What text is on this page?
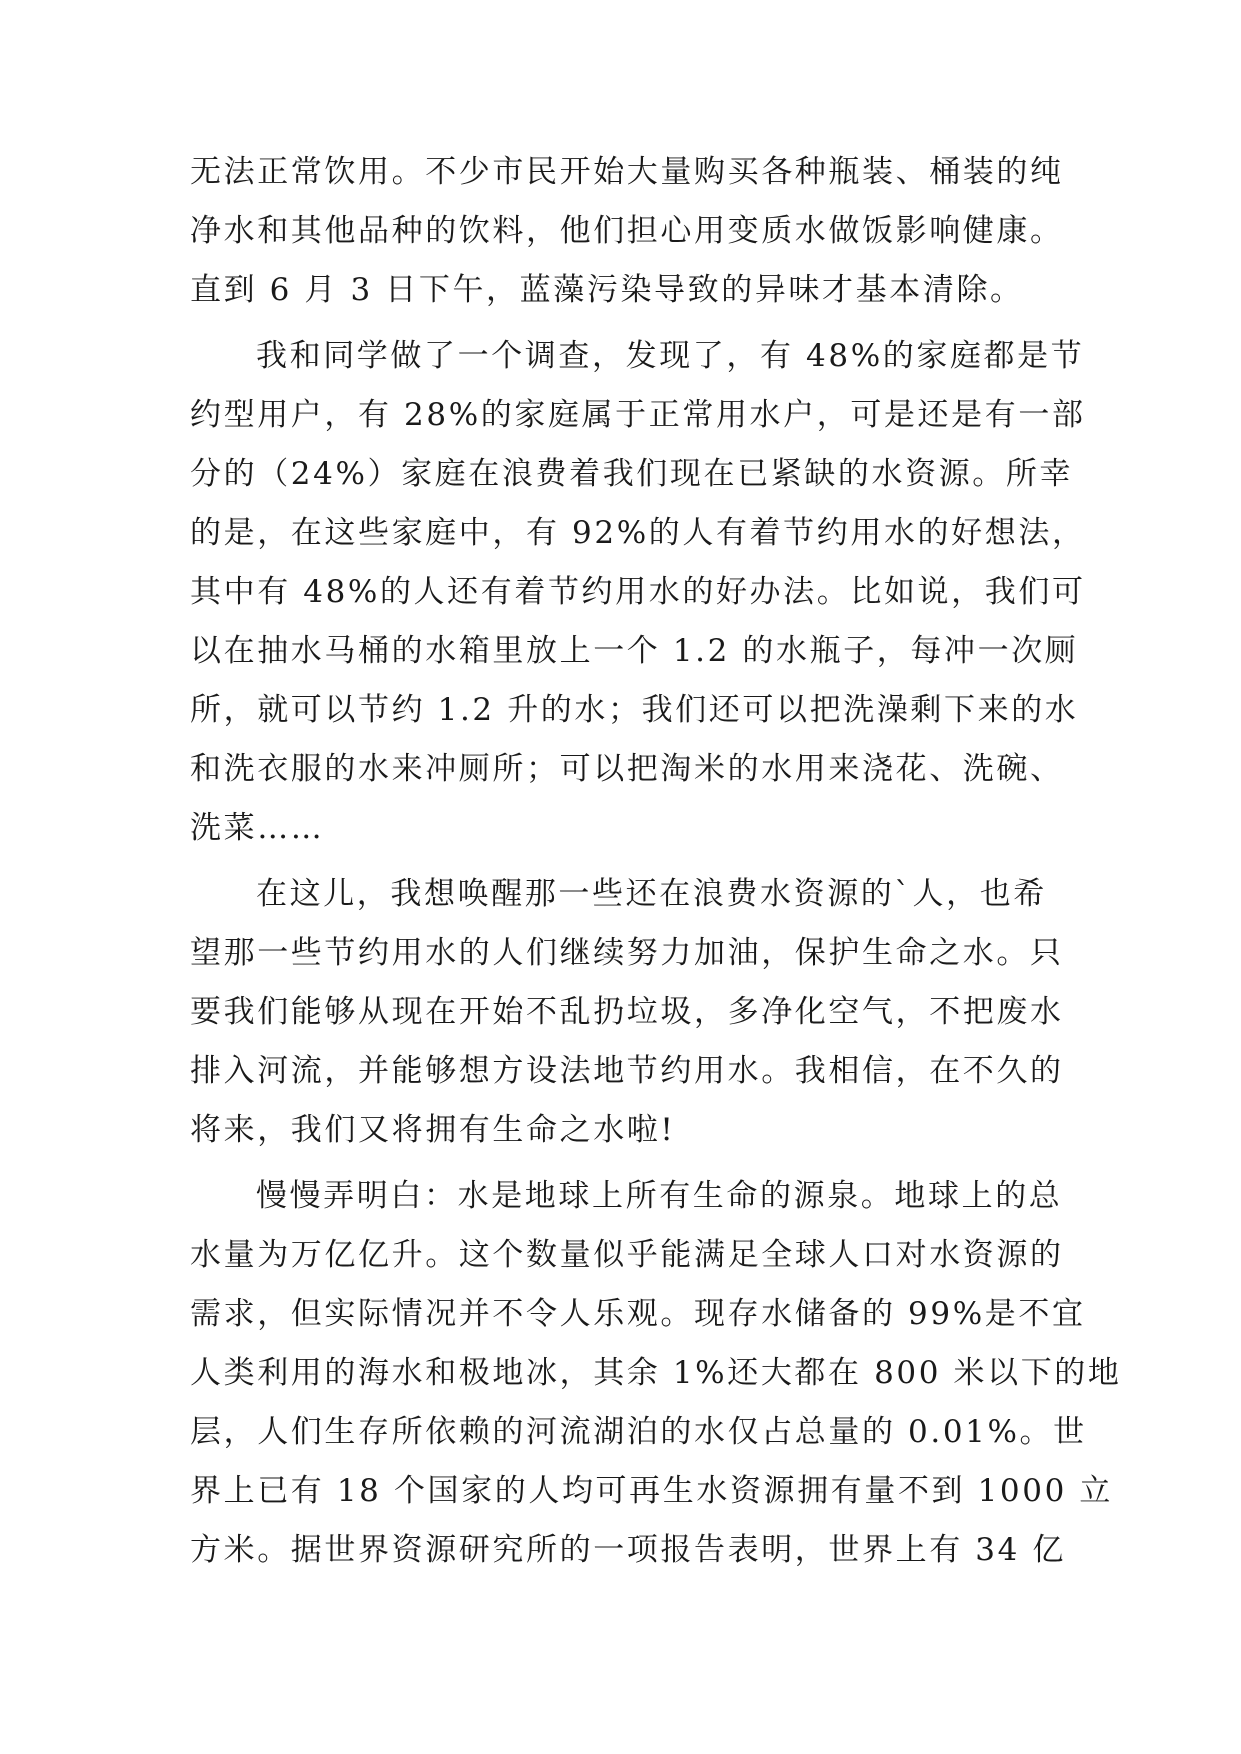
无法正常饮用。不少市民开始大量购买各种瓶装、桶装的纯
净水和其他品种的饮料，他们担心用变质水做饭影响健康。
直到 6 月 3 日下午，蓝藻污染导致的异味才基本清除。
我和同学做了一个调查，发现了，有 48%的家庭都是节
约型用户，有 28%的家庭属于正常用水户，可是还是有一部
分的（24%）家庭在浪费着我们现在已紧缺的水资源。所幸
的是，在这些家庭中，有 92%的人有着节约用水的好想法，
其中有 48%的人还有着节约用水的好办法。比如说，我们可
以在抽水马桶的水箱里放上一个 1.2 的水瓶子，每冲一次厕
所，就可以节约 1.2 升的水；我们还可以把洗澡剩下来的水
和洗衣服的水来冲厕所；可以把淘米的水用来浇花、洗碗、
洗菜……
在这儿，我想唤醒那一些还在浪费水资源的`人，也希
望那一些节约用水的人们继续努力加油，保护生命之水。只
要我们能够从现在开始不乱扔垃圾，多净化空气，不把废水
排入河流，并能够想方设法地节约用水。我相信，在不久的
将来，我们又将拥有生命之水啦!
慢慢弄明白：水是地球上所有生命的源泉。地球上的总
水量为万亿亿升。这个数量似乎能满足全球人口对水资源的
需求，但实际情况并不令人乐观。现存水储备的 99%是不宜
人类利用的海水和极地冰，其余 1%还大都在 800 米以下的地
层，人们生存所依赖的河流湖泊的水仅占总量的 0.01%。世
界上已有 18 个国家的人均可再生水资源拥有量不到 1000 立
方米。据世界资源研究所的一项报告表明，世界上有 34 亿
